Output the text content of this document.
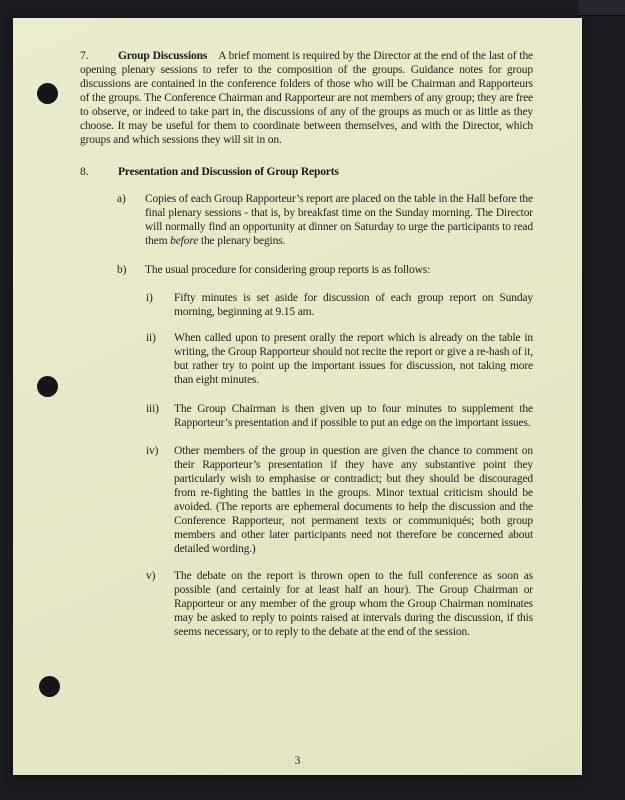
7.	Group Discussions A brief moment is required by the Director at the end of the last of the opening plenary sessions to refer to the composition of the groups. Guidance notes for group discussions are contained in the conference folders of those who will be Chairman and Rapporteurs of the groups. The Conference Chairman and Rapporteur are not members of any group; they are free to observe, or indeed to take part in, the discussions of any of the groups as much or as little as they choose. It may be useful for them to coordinate between themselves, and with the Director, which groups and which sessions they will sit in on.

8.	Presentation and Discussion of Group Reports

a)	Copies of each Group Rapporteur’s report are placed on the table in the Hall before the final plenary sessions - that is, by breakfast time on the Sunday morning. The Director will normally find an opportunity at dinner on Saturday to urge the participants to read them before the plenary begins.
b)	The usual procedure for considering group reports is as follows:
i)	Fifty minutes is set aside for discussion of each group report on Sunday morning, beginning at 9.15 am.
ii)	When called upon to present orally the report which is already on the table in writing, the Group Rapporteur should not recite the report or give a re-hash of it, but rather try to point up the important issues for discussion, not taking more than eight minutes.
iii)	The Group Chairman is then given up to four minutes to supplement the Rapporteur’s presentation and if possible to put an edge on the important issues.
iv)	Other members of the group in question are given the chance to comment on their Rapporteur’s presentation if they have any substantive point they particularly wish to emphasise or contradict; but they should be discouraged from re-fighting the battles in the groups. Minor textual criticism should be avoided. (The reports are ephemeral documents to help the discussion and the Conference Rapporteur, not permanent texts or communiqués; both group members and other later participants need not therefore be concerned about detailed wording.)
v)	The debate on the report is thrown open to the full conference as soon as possible (and certainly for at least half an hour). The Group Chairman or Rapporteur or any member of the group whom the Group Chairman nominates may be asked to reply to points raised at intervals during the discussion, if this seems necessary, or to reply to the debate at the end of the session.
3
